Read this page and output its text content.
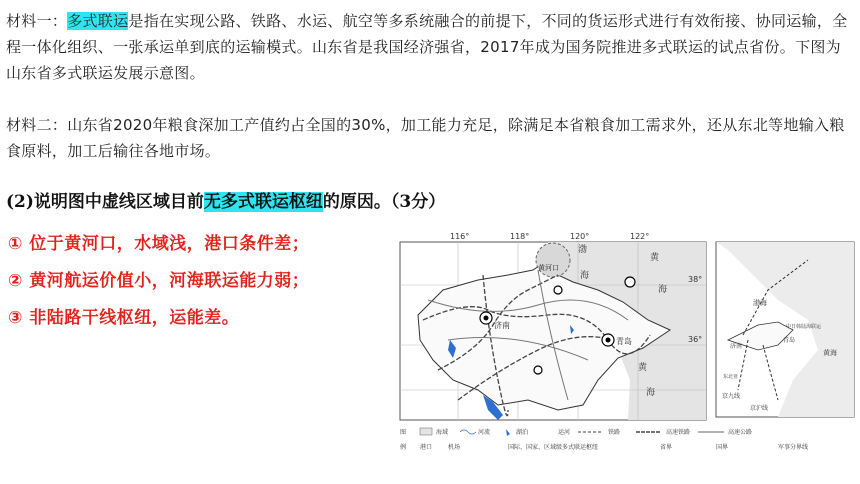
材料一：多式联运是指在实现公路、铁路、水运、航空等多系统融合的前提下，不同的货运形式进行有效衔接、协同运输，全程一体化组织、一张承运单到底的运输模式。山东省是我国经济强省，2017年成为国务院推进多式联运的试点省份。下图为山东省多式联运发展示意图。
材料二：山东省2020年粮食深加工产值约占全国的30%，加工能力充足，除满足本省粮食加工需求外，还从东北等地输入粮食原料，加工后输往各地市场。
(2)说明图中虚线区域目前无多式联运枢纽的原因。（3分）
① 位于黄河口，水域浅，港口条件差；
② 黄河航运价值小，河海联运能力弱；
③ 非陆路干线枢纽，运能差。
116°	118°	120°	122°
38°
36°
渤
海
黄
海
黄
海
黄河口
济南
青岛
渤海
黄海
济南
青岛
京九线
京沪线
中日韩陆海联运
东北亚
图	海域	河流	湖泊	运河	铁路	高速铁路	高速公路
例 港口	机场	国际、国家、区域级多式联运枢纽	省界	国界	军事分界线
